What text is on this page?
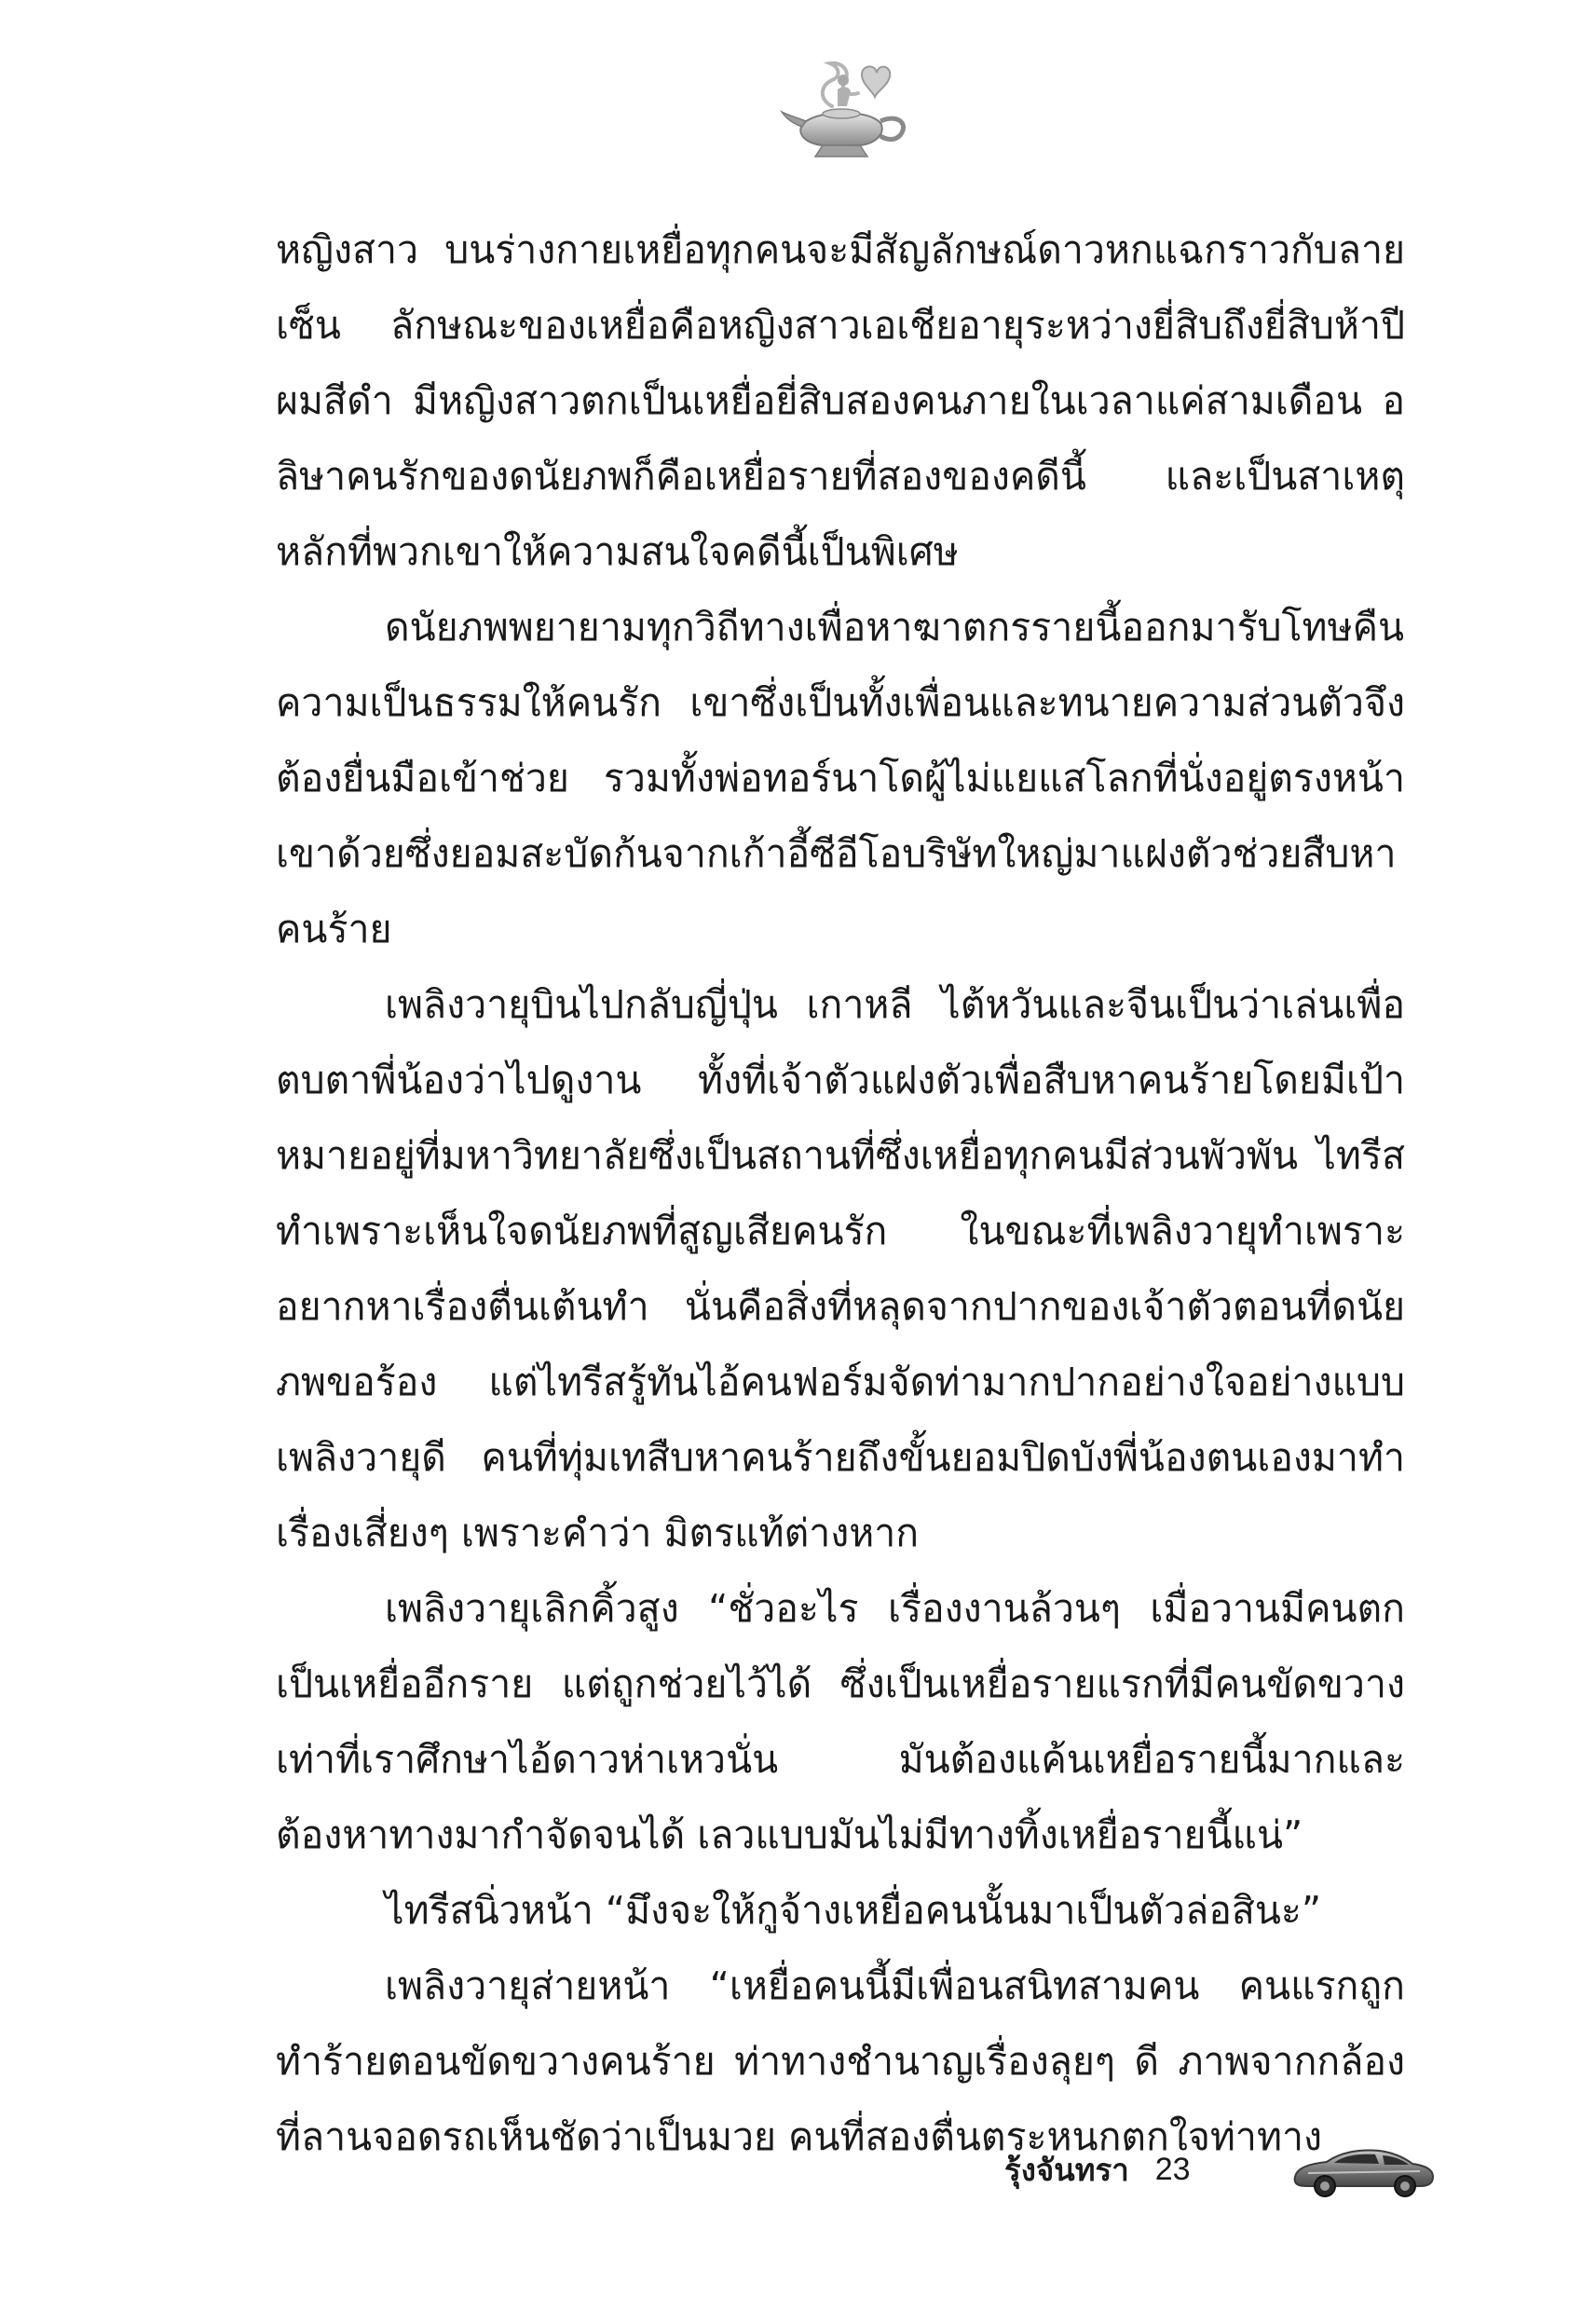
หญิงสาว บนร่างกายเหยื่อทุกคนจะมีสัญลักษณ์ดาวหกแฉกราวกับลายเซ็น ลักษณะของเหยื่อคือหญิงสาวเอเชียอายุระหว่างยี่สิบถึงยี่สิบห้าปี ผมสีดำ มีหญิงสาวตกเป็นเหยื่อยี่สิบสองคนภายในเวลาแค่สามเดือน อลิษาคนรักของดนัยภพก็คือเหยื่อรายที่สองของคดีนี้ และเป็นสาเหตุหลักที่พวกเขาให้ความสนใจคดีนี้เป็นพิเศษ

ดนัยภพพยายามทุกวิถีทางเพื่อหาฆาตกรรายนี้ออกมารับโทษคืนความเป็นธรรมให้คนรัก เขาซึ่งเป็นทั้งเพื่อนและทนายความส่วนตัวจึงต้องยื่นมือเข้าช่วย รวมทั้งพ่อทอร์นาโดผู้ไม่แยแสโลกที่นั่งอยู่ตรงหน้าเขาด้วยซึ่งยอมสะบัดก้นจากเก้าอี้ซีอีโอบริษัทใหญ่มาแฝงตัวช่วยสืบหาคนร้าย

เพลิงวายุบินไปกลับญี่ปุ่น เกาหลี ไต้หวันและจีนเป็นว่าเล่นเพื่อตบตาพี่น้องว่าไปดูงาน ทั้งที่เจ้าตัวแฝงตัวเพื่อสืบหาคนร้ายโดยมีเป้าหมายอยู่ที่มหาวิทยาลัยซึ่งเป็นสถานที่ซึ่งเหยื่อทุกคนมีส่วนพัวพัน ไทรีสทำเพราะเห็นใจดนัยภพที่สูญเสียคนรัก ในขณะที่เพลิงวายุทำเพราะอยากหาเรื่องตื่นเต้นทำ นั่นคือสิ่งที่หลุดจากปากของเจ้าตัวตอนที่ดนัยภพขอร้อง แต่ไทรีสรู้ทันไอ้คนฟอร์มจัดท่ามากปากอย่างใจอย่างแบบเพลิงวายุดี คนที่ทุ่มเทสืบหาคนร้ายถึงขั้นยอมปิดบังพี่น้องตนเองมาทำเรื่องเสี่ยงๆ เพราะคำว่า มิตรแท้ต่างหาก

เพลิงวายุเลิกคิ้วสูง “ชั่วอะไร เรื่องงานล้วนๆ เมื่อวานมีคนตกเป็นเหยื่ออีกราย แต่ถูกช่วยไว้ได้ ซึ่งเป็นเหยื่อรายแรกที่มีคนขัดขวางเท่าที่เราศึกษาไอ้ดาวห่าเหวนั่น มันต้องแค้นเหยื่อรายนี้มากและต้องหาทางมากำจัดจนได้ เลวแบบมันไม่มีทางทิ้งเหยื่อรายนี้แน่”

ไทรีสนิ่วหน้า “มึงจะให้กูจ้างเหยื่อคนนั้นมาเป็นตัวล่อสินะ”

เพลิงวายุส่ายหน้า “เหยื่อคนนี้มีเพื่อนสนิทสามคน คนแรกถูกทำร้ายตอนขัดขวางคนร้าย ท่าทางชำนาญเรื่องลุยๆ ดี ภาพจากกล้องที่ลานจอดรถเห็นชัดว่าเป็นมวย คนที่สองตื่นตระหนกตกใจท่าทาง

รุ้งจันทรา 23
